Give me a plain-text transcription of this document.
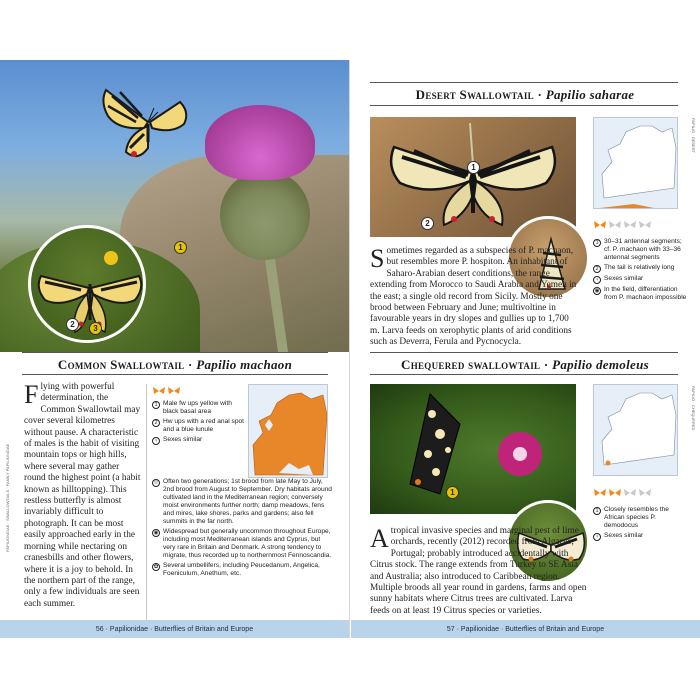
1
2 3
Common Swallowtail · Papilio machaon
PAPILIONIDAE · SWALLOWTAILS · FAMILY PAPILIONIDAE
Flying with powerful determination, the Common Swallowtail may cover several kilometres without pause. A characteristic of males is the habit of visiting mountain tops or high hills, where several may gather round the highest point (a habit known as hilltopping). This restless butterfly is almost invariably difficult to photograph. It can be most easily approached early in the morning while nectaring on cranesbills and other flowers, where it is a joy to behold. In the northern part of the range, only a few individuals are seen each summer.
1 Male fw ups yellow with black basal area
2 Hw ups with a red anal spot and a blue lunule
♀ Sexes similar
☉ Often two generations; 1st brood from late May to July, 2nd brood from August to September. Dry habitats around cultivated land in the Mediterranean region; conversely moist environments further north; damp meadows, fens and mires, lake shores, parks and gardens; also fell summits in the far north.
◉ Widespread but generally uncommon throughout Europe, including most Mediterranean islands and Cyprus, but very rare in Britain and Denmark. A strong tendency to migrate, thus recorded up to northernmost Fennoscandia.
✿ Several umbellifers, including Peucedanum, Angelica, Foeniculum, Anethum, etc.
Desert Swallowtail · Papilio saharae
1
2
PAPILIO · DESERT
1 30–31 antennal segments; cf. P. machaon with 33–36 antennal segments
2 The tail is relatively long
♀ Sexes similar
◉ In the field, differentiation from P. machaon impossible
Sometimes regarded as a subspecies of P. machaon, but resembles more P. hospiton. An inhabitant of Saharo-Arabian desert conditions, the range extending from Morocco to Saudi Arabia and Yemen in the east; a single old record from Sicily. Mostly one brood between February and June; multivoltine in favourable years in dry slopes and gullies up to 1,700 m. Larva feeds on xerophytic plants of arid conditions such as Deverra, Ferula and Pycnocycla.
Chequered swallowtail · Papilio demoleus
1
PAPILIO · CHEQUERED
1 Closely resembles the African species P. demodocus
♀ Sexes similar
A tropical invasive species and marginal pest of lime orchards, recently (2012) recorded from Algarve, Portugal; probably introduced accidentally with Citrus stock. The range extends from Turkey to SE Asia and Australia; also introduced to Caribbean region. Multiple broods all year round in gardens, farms and open sunny habitats where Citrus trees are cultivated. Larva feeds on at least 19 Citrus species or varieties.
56 · Papilionidae · Butterflies of Britain and Europe	57 · Papilionidae · Butterflies of Britain and Europe
